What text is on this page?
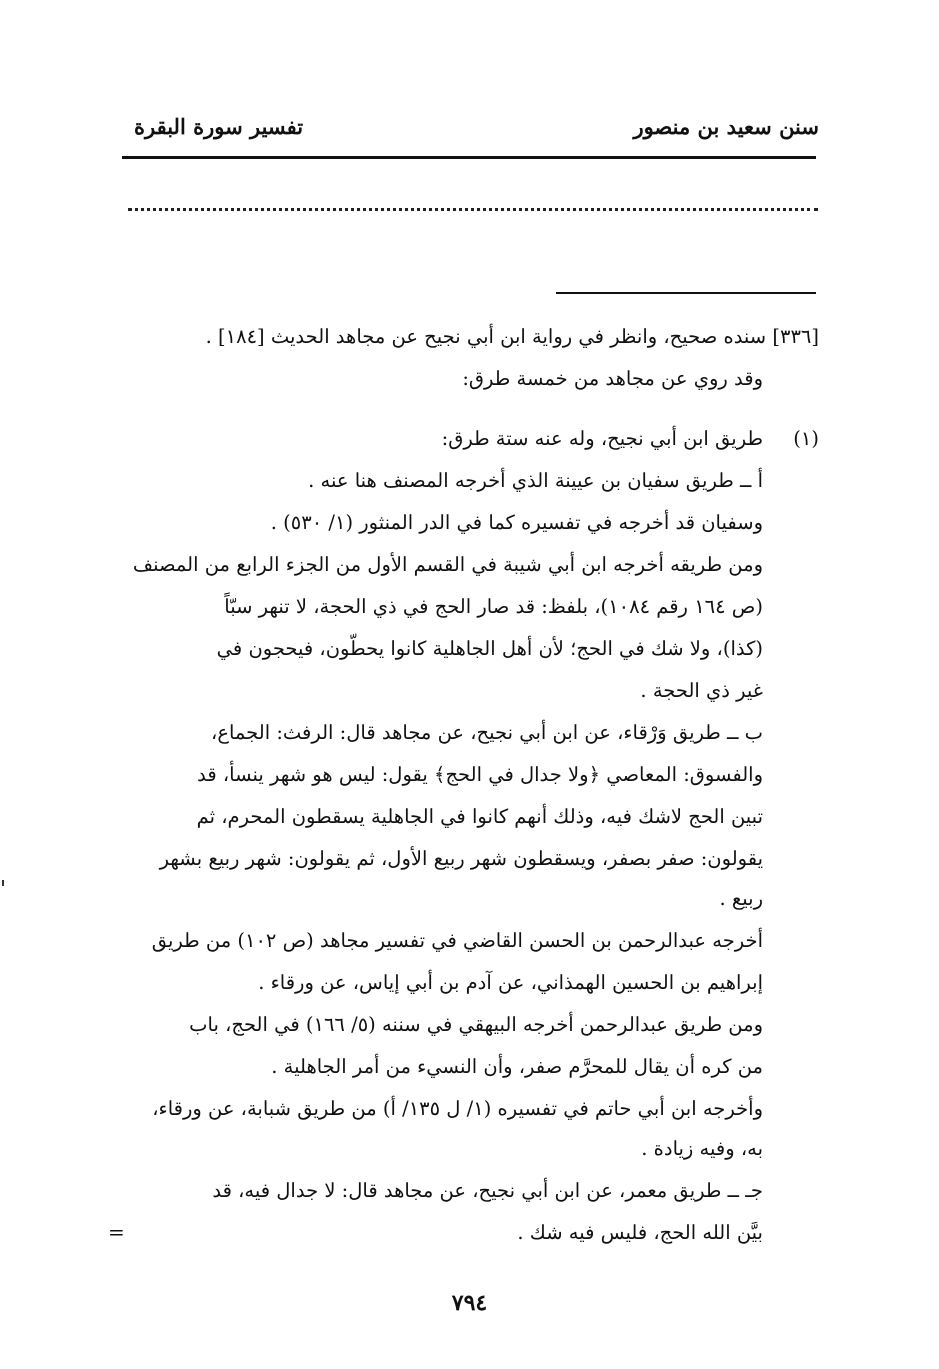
سنن سعيد بن منصور
تفسير سورة البقرة
[٣٣٦] سنده صحيح، وانظر في رواية ابن أبي نجيح عن مجاهد الحديث [١٨٤] .
وقد روي عن مجاهد من خمسة طرق:
(١)
طريق ابن أبي نجيح، وله عنه ستة طرق:
أ ــ طريق سفيان بن عيينة الذي أخرجه المصنف هنا عنه .
وسفيان قد أخرجه في تفسيره كما في الدر المنثور (١/ ٥٣٠) .
ومن طريقه أخرجه ابن أبي شيبة في القسم الأول من الجزء الرابع من المصنف
(ص ١٦٤ رقم ١٠٨٤)، بلفظ: قد صار الحج في ذي الحجة، لا تنهر سبّاً
(كذا)، ولا شك في الحج؛ لأن أهل الجاهلية كانوا يحطّون، فيحجون في
غير ذي الحجة .
ب ــ طريق وَرْقاء، عن ابن أبي نجيح، عن مجاهد قال: الرفث: الجماع،
والفسوق: المعاصي ﴿ولا جدال في الحج﴾ يقول: ليس هو شهر ينسأ، قد
تبين الحج لاشك فيه، وذلك أنهم كانوا في الجاهلية يسقطون المحرم، ثم
يقولون: صفر بصفر، ويسقطون شهر ربيع الأول، ثم يقولون: شهر ربيع بشهر
ربيع .
أخرجه عبدالرحمن بن الحسن القاضي في تفسير مجاهد (ص ١٠٢) من طريق
إبراهيم بن الحسين الهمذاني، عن آدم بن أبي إياس، عن ورقاء .
ومن طريق عبدالرحمن أخرجه البيهقي في سننه (٥/ ١٦٦) في الحج، باب
من كره أن يقال للمحرَّم صفر، وأن النسيء من أمر الجاهلية .
وأخرجه ابن أبي حاتم في تفسيره (١/ ل ١٣٥/ أ) من طريق شبابة، عن ورقاء،
به، وفيه زيادة .
جـ ــ طريق معمر، عن ابن أبي نجيح، عن مجاهد قال: لا جدال فيه، قد
بيَّن الله الحج، فليس فيه شك .
=
٧٩٤
